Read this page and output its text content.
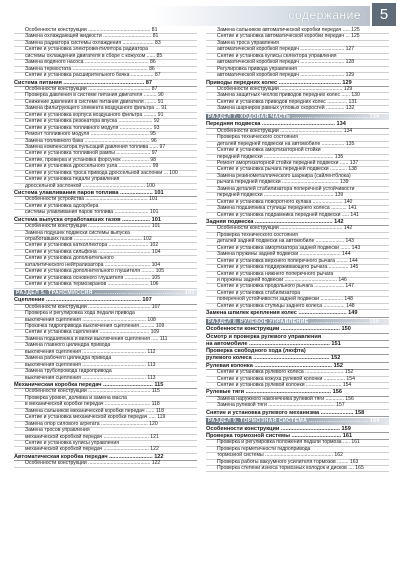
содержание	5
Особенности конструкции ............................................ 81
Замена охлаждающей жидкости .................................. 81
Замена радиатора системы охлаждения ...................... 83
Снятие и установка электровентилятора радиатора
системы охлаждения двигателя в сборе с кожухом ...... 85
Замена водяного насоса ............................................. 86
Замена термостата ..................................................... 86
Снятие и установка расширительного бачка ................ 87
Система питания .................................................... 87
Особенности конструкции ............................................ 87
Проверка давления в системе питания двигателя ......... 90
Снижение давления в системе питания двигателя ........ 91
Замена фильтрующего элемента воздушного фильтра ... 91
Снятие и установка корпуса воздушного фильтра ......... 91
Снятие и установка резонатора впуска ........................ 92
Снятие и установка топливного модуля ....................... 93
Ремонт топливного модуля ......................................... 95
Замена топливного бака .............................................. 96
Замена компенсатора пульсаций давления топлива ...... 97
Снятие и установка топливной рампы ........................ 97
Снятие, проверка и установка форсунок ................... 98
Снятие и установка дроссельного узла ....................... 99
Снятие и установка троса привода дроссельной заслонки ... 100
Снятие и установка педали управления
дроссельной заслонкой ............................................ 100
Система улавливания паров топлива ..................... 101
Особенности устройства ............................................ 101
Снятие и установка адсорбера
системы улавливания паров топлива ........................ 101
Система выпуска отработавших газов .................. 101
Особенности конструкции ............................................ 101
Замена подушек подвески системы выпуска
отработавших газов ................................................ 102
Снятие и установка катколлектора ............................ 102
Снятие и установка сильфона ..................................... 104
Снятие и установка дополнительного
каталитического нейтрализатора ................................ 104
Снятие и установка дополнительного глушителя ......... 105
Снятие и установка основного глушителя .................. 105
Снятие и установка термоэкранов ............................. 106
РАЗДЕЛ 5. ТРАНСМИССИЯ ................................................ 107
Сцепление ............................................................. 107
Особенности конструкции ............................................ 107
Проверка и регулировка хода педали привода
выключения сцепления ............................................. 108
Прокачка гидропривода выключения сцепления .......... 109
Снятие и установка сцепления ................................... 109
Замена подшипника и вилки выключения сцепления ..... 111
Замена главного цилиндра привода
выключения сцепления ............................................. 112
Замена рабочего цилиндра привода
выключения сцепления ............................................. 113
Замена трубопровода гидропривода
выключения сцепления ............................................. 113
Механическая коробка передач ................................ 115
Особенности конструкции ............................................ 115
Проверка уровня, доливка и замена масла
в механической коробке передач ................................ 118
Замена сальников механической коробки передач ...... 118
Снятие и установка механической коробки передач ..... 119
Замена опор силового агрегата ................................. 120
Замена тросов управления
механической коробкой передач ................................ 121
Снятие и установка кулисы управления
механической коробкой передач ................................ 122
Автоматическая коробка передач ............................ 122
Особенности конструкции ............................................ 122
Замена сальников автоматической коробки передач ..... 125
Снятие и установка автоматической коробки передач ... 125
Замена троса управления
автоматической коробкой передач ............................... 127
Снятие и установка кулисы селектора управления
автоматической коробкой передач ............................... 128
Регулировка привода управления
автоматической коробкой передач ............................... 129
Приводы передних колес ........................................ 129
Особенности конструкции ............................................ 129
Замена защитных чехлов приводов передних колес ...... 130
Снятие и установка приводов передних колес .............. 131
Замена шарниров равных угловых скоростей ............. 132
РАЗДЕЛ 7. ХОДОВАЯ ЧАСТЬ ......................................... 134
Передняя подвеска ............................................... 134
Особенности конструкции ............................................ 134
Проверка технического состояния
деталей передней подвески на автомобиле ................ 135
Снятие и установка амортизаторной стойки
передней подвески ................................................. 135
Ремонт амортизаторной стойки передней подвески ...... 137
Снятие и установка рычага передней подвески ............ 138
Замена резинометаллического шарнира (сайлентблока)
рычага передней подвески ........................................ 139
Замена деталей стабилизатора поперечной устойчивости
передней подвески ................................................. 139
Снятие и установка поворотного кулака ..................... 140
Замена подшипника ступицы переднего колеса ........... 141
Снятие и установка подрамника передней подвески ..... 141
Задняя подвеска .................................................. 142
Особенности конструкции ............................................ 142
Проверка технического состояния
деталей задней подвески на автомобиле .................... 143
Снятие и установка амортизатора задней подвески ....... 143
Замена пружины задней подвески ............................. 144
Снятие и установка верхнего поперечного рычага ........ 144
Снятие и установка поддерживающего рычага .............. 145
Снятие и установка нижнего поперечного рычага
и пружины задней подвески ..................................... 146
Снятие и установка продольного рычага ..................... 147
Снятие и установка стабилизатора
поперечной устойчивости задней подвески ................ 148
Снятие и установка ступицы заднего колеса ............... 148
Замена шпилек крепления колес ............................... 149
РАЗДЕЛ 8. РУЛЕВОЕ УПРАВЛЕНИЕ ............................... 150
Особенности конструкции ...................................... 150
Осмотр и проверка рулевого управления
на автомобиле .................................................... 151
Проверка свободного хода (люфта)
рулевого колеса ................................................. 152
Рулевая колонка .................................................. 152
Снятие и установка рулевого колеса ........................... 152
Снятие и установка кожуха рулевой колонки ............... 154
Снятие и установка рулевой колонки ......................... 154
Рулевые тяги ....................................................... 156
Замена наружного наконечника рулевой тяги ............. 156
Замена рулевой тяги ............................................... 157
Снятие и установка рулевого механизма ..................... 158
РАЗДЕЛ 9. ТОРМОЗНАЯ СИСТЕМА ................................ 159
Особенности конструкции ...................................... 159
Проверка тормозной системы ................................ 161
Проверка и регулировка положения педали тормоза ..... 161
Проверка герметичности гидропривода
тормозной системы ................................................ 162
Проверка работы вакуумного усилителя тормозов ........ 163
Проверка степени износа тормозных колодок и дисков .... 165
